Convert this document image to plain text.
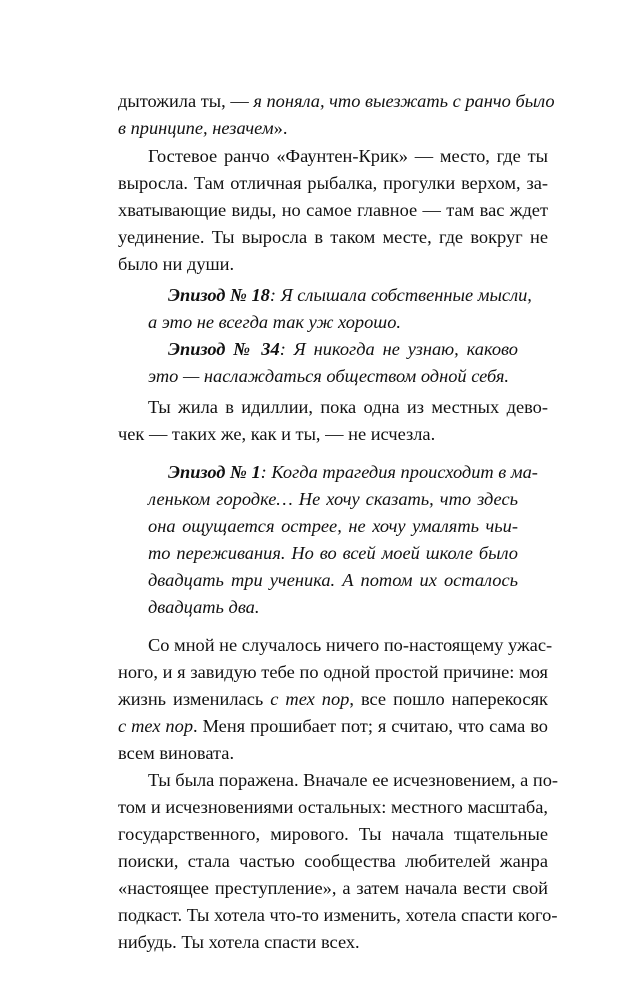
дытожила ты, — я поняла, что выезжать с ранчо было
в принципе, незачем».
Гостевое ранчо «Фаунтен-Крик» — место, где ты
выросла. Там отличная рыбалка, прогулки верхом, за-
хватывающие виды, но самое главное — там вас ждет
уединение. Ты выросла в таком месте, где вокруг не
было ни души.
Эпизод № 18: Я слышала собственные мысли,
а это не всегда так уж хорошо.
Эпизод № 34: Я никогда не узнаю, каково
это — наслаждаться обществом одной себя.
Ты жила в идиллии, пока одна из местных дево-
чек — таких же, как и ты, — не исчезла.
Эпизод № 1: Когда трагедия происходит в ма-
леньком городке… Не хочу сказать, что здесь
она ощущается острее, не хочу умалять чьи-
то переживания. Но во всей моей школе было
двадцать три ученика. А потом их осталось
двадцать два.
Со мной не случалось ничего по-настоящему ужас-
ного, и я завидую тебе по одной простой причине: моя
жизнь изменилась с тех пор, все пошло наперекосяк
с тех пор. Меня прошибает пот; я считаю, что сама во
всем виновата.
Ты была поражена. Вначале ее исчезновением, а по-
том и исчезновениями остальных: местного масштаба,
государственного, мирового. Ты начала тщательные
поиски, стала частью сообщества любителей жанра
«настоящее преступление», а затем начала вести свой
подкаст. Ты хотела что-то изменить, хотела спасти кого-
нибудь. Ты хотела спасти всех.
